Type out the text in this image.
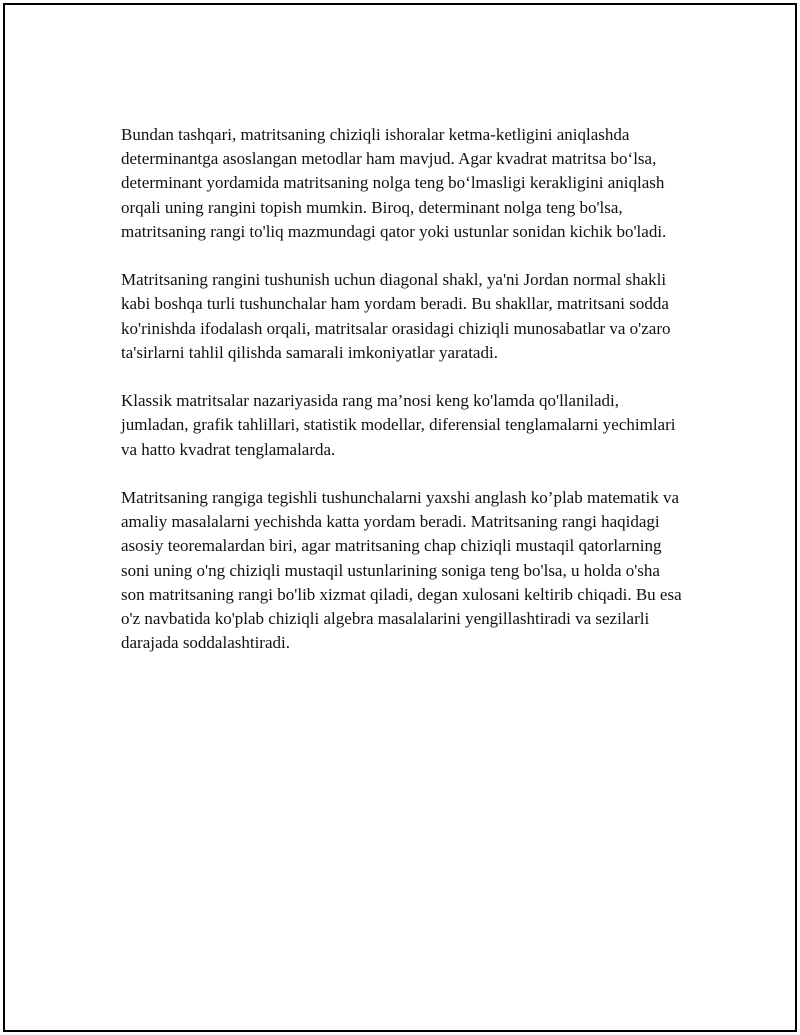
Bundan tashqari, matritsaning chiziqli ishoralar ketma-ketligini aniqlashda determinantga asoslangan metodlar ham mavjud. Agar kvadrat matritsa bo‘lsa, determinant yordamida matritsaning nolga teng bo‘lmasligi kerakligini aniqlash orqali uning rangini topish mumkin. Biroq, determinant nolga teng bo'lsa, matritsaning rangi to'liq mazmundagi qator yoki ustunlar sonidan kichik bo'ladi.

Matritsaning rangini tushunish uchun diagonal shakl, ya'ni Jordan normal shakli kabi boshqa turli tushunchalar ham yordam beradi. Bu shakllar, matritsani sodda ko'rinishda ifodalash orqali, matritsalar orasidagi chiziqli munosabatlar va o'zaro ta'sirlarni tahlil qilishda samarali imkoniyatlar yaratadi.

Klassik matritsalar nazariyasida rang ma’nosi keng ko'lamda qo'llaniladi, jumladan, grafik tahlillari, statistik modellar, diferensial tenglamalarni yechimlari va hatto kvadrat tenglamalarda.

Matritsaning rangiga tegishli tushunchalarni yaxshi anglash ko’plab matematik va amaliy masalalarni yechishda katta yordam beradi. Matritsaning rangi haqidagi asosiy teoremalardan biri, agar matritsaning chap chiziqli mustaqil qatorlarning soni uning o'ng chiziqli mustaqil ustunlarining soniga teng bo'lsa, u holda o'sha son matritsaning rangi bo'lib xizmat qiladi, degan xulosani keltirib chiqadi. Bu esa o'z navbatida ko'plab chiziqli algebra masalalarini yengillashtiradi va sezilarli darajada soddalashtiradi.
